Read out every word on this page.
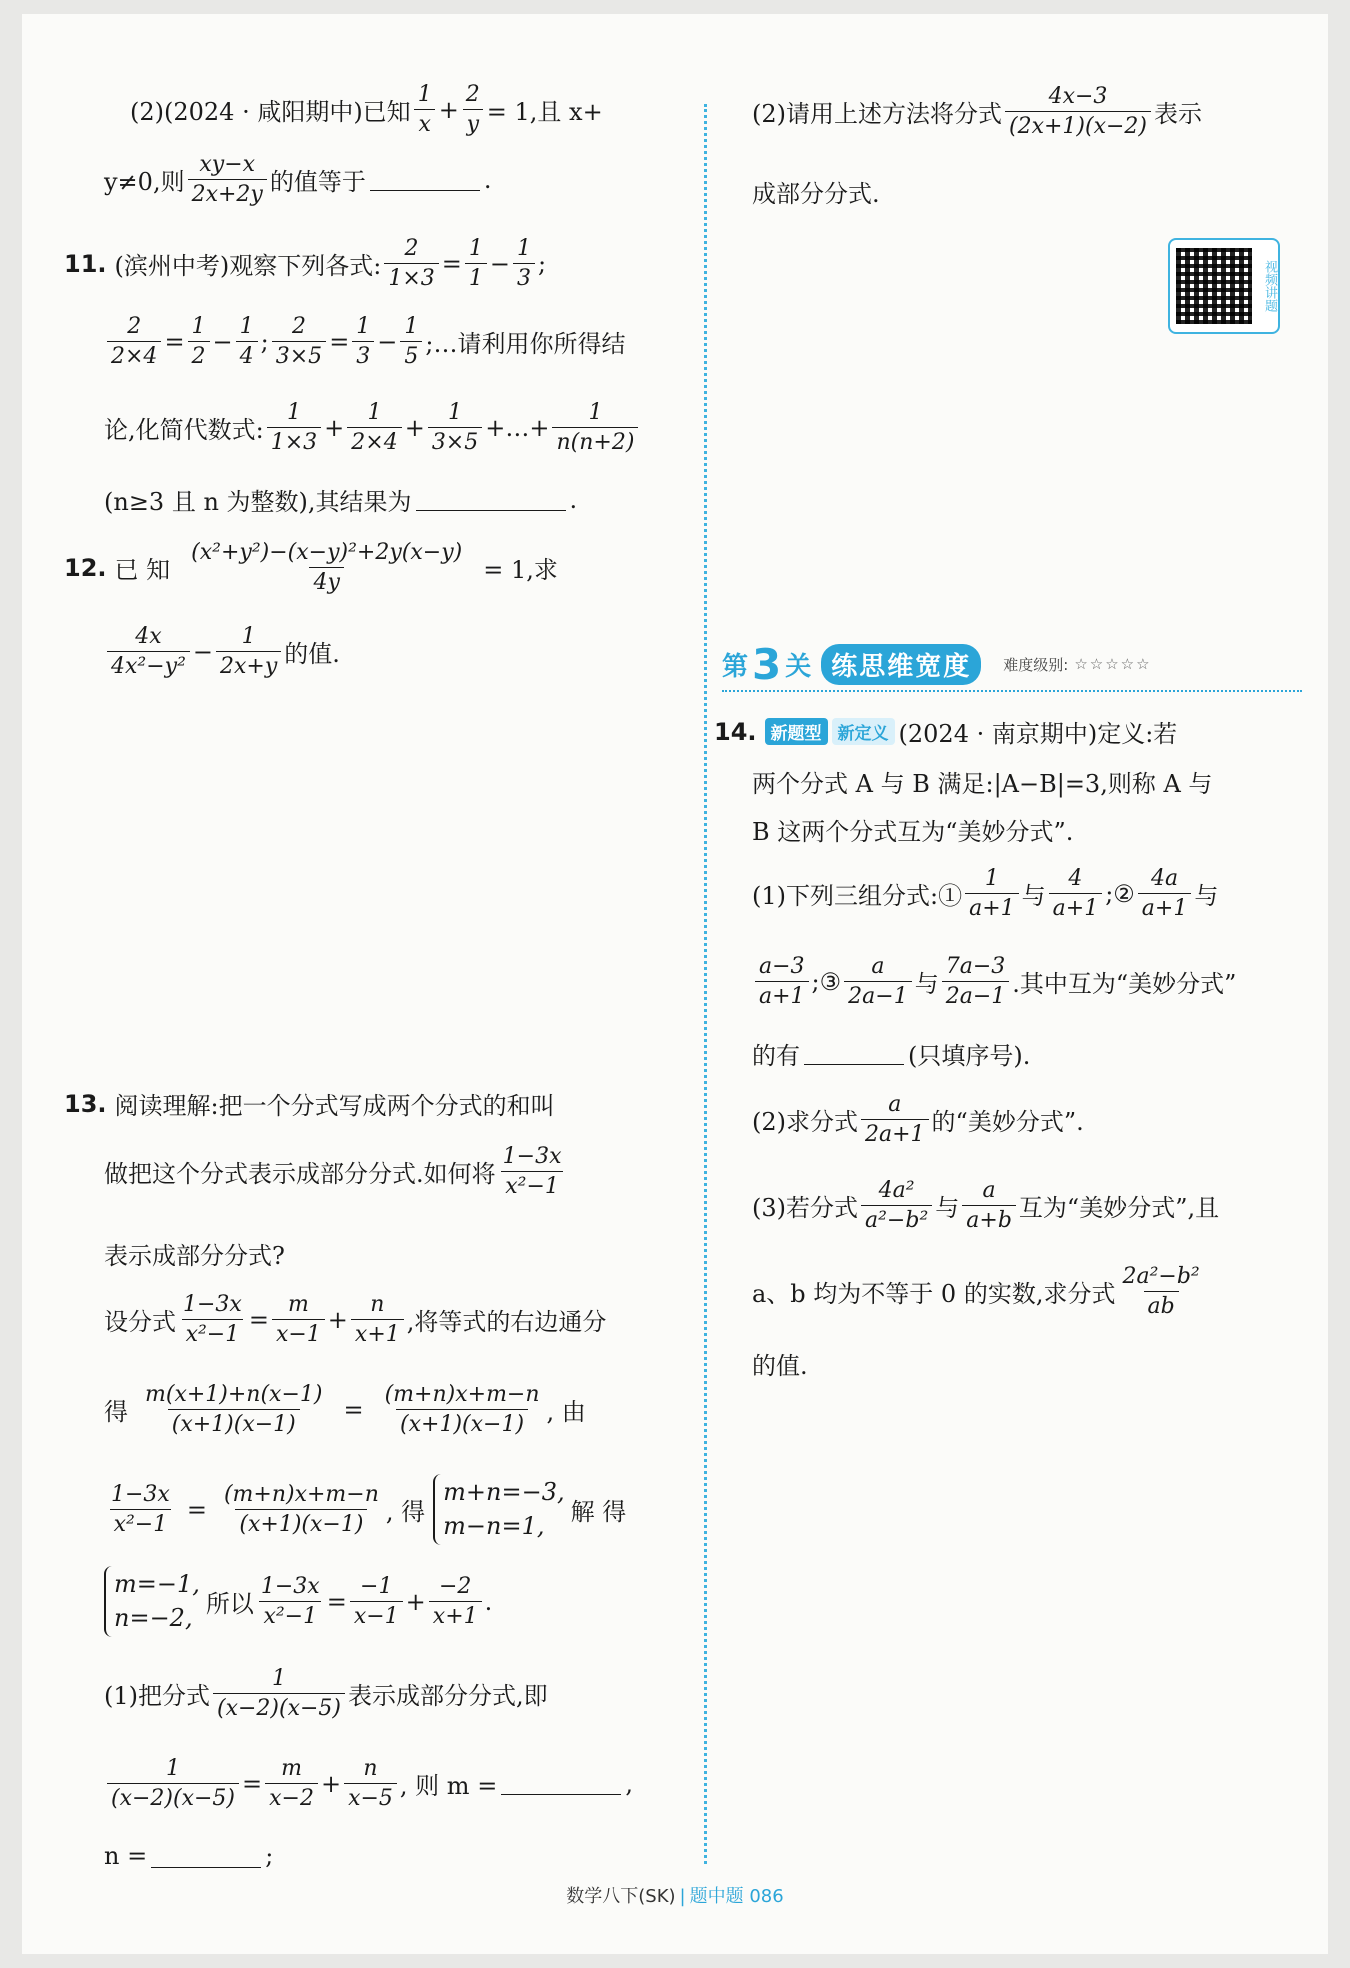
(2)(2024 · 咸阳期中)已知 $\frac{1}{x} + \frac{2}{y} = 1$,且 x+
y≠0,则 $\frac{xy-x}{2x+2y}$ 的值等于	.
11. (滨州中考)观察下列各式: $\frac{2}{1\times 3} = \frac{1}{1} - \frac{1}{3}$ ;
$\frac{2}{2\times 4} = \frac{1}{2} - \frac{1}{4}$ ; $\frac{2}{3\times 5} = \frac{1}{3} - \frac{1}{5}$ ;…请利用你所得结
论,化简代数式: $\frac{1}{1\times 3} + \frac{1}{2\times 4} + \frac{1}{3\times 5}$ +…+ $\frac{1}{n(n+2)}$
(n≥3 且 n 为整数),其结果为	.
12. 已 知 $\frac{\text{(x²+y²)−(x−y)²+2y(x−y)}}{4y} = 1$,求
$\frac{4x}{\text{4x²−y²}} - \frac{1}{2x+y}$ 的值.
13. 阅读理解:把一个分式写成两个分式的和叫
做把这个分式表示成部分分式.如何将 $\frac{1-3x}{\text{x²−1}}$
表示成部分分式?
设分式 $\frac{1-3x}{\text{x²−1}} = \frac{m}{x-1} + \frac{n}{x+1}$ ,将等式的右边通分
得 $\frac{m(x+1)+n(x-1)}{(x+1)(x-1)} = \frac{(m+n)x+m-n}{(x+1)(x-1)}$ , 由
$\frac{1-3x}{\text{x²−1}} = \frac{(m+n)x+m-n}{(x+1)(x-1)}$ , 得
m+n=−3,
m−n=1,	解 得
m=−1,
n=−2, 所以 $\frac{1-3x}{\text{x²−1}} = \frac{-1}{x-1} + \frac{-2}{x+1}$ .
(1)把分式 $\frac{1}{(x-2)(x-5)}$ 表示成部分分式,即
$\frac{1}{(x-2)(x-5)} = \frac{m}{x-2} + \frac{n}{x-5}$ , 则 m =	,
n =	;
(2)请用上述方法将分式 $\frac{4x-3}{(2x+1)(x-2)}$ 表示
成部分分式.
视频讲题
第 3 关 练思维宽度	难度级别: ☆☆☆☆☆
14. 新题型 新定义 (2024 · 南京期中)定义:若
两个分式 A 与 B 满足:|A−B|=3,则称 A 与
B 这两个分式互为“美妙分式”.
(1)下列三组分式:① $\frac{1}{a+1}$ 与 $\frac{4}{a+1}$ ;② $\frac{4a}{a+1}$ 与
$\frac{a-3}{a+1}$ ;③ $\frac{a}{2a-1}$ 与 $\frac{7a-3}{2a-1}$ .其中互为“美妙分式”
的有	(只填序号).
(2)求分式 $\frac{a}{2a+1}$ 的“美妙分式”.
(3)若分式 $\frac{\text{4a²}}{\text{a²−b²}}$ 与 $\frac{a}{a+b}$ 互为“美妙分式”,且
a、b 均为不等于 0 的实数,求分式 $\frac{\text{2a²−b²}}{ab}$
的值.
数学八下(SK) | 题中题 086
